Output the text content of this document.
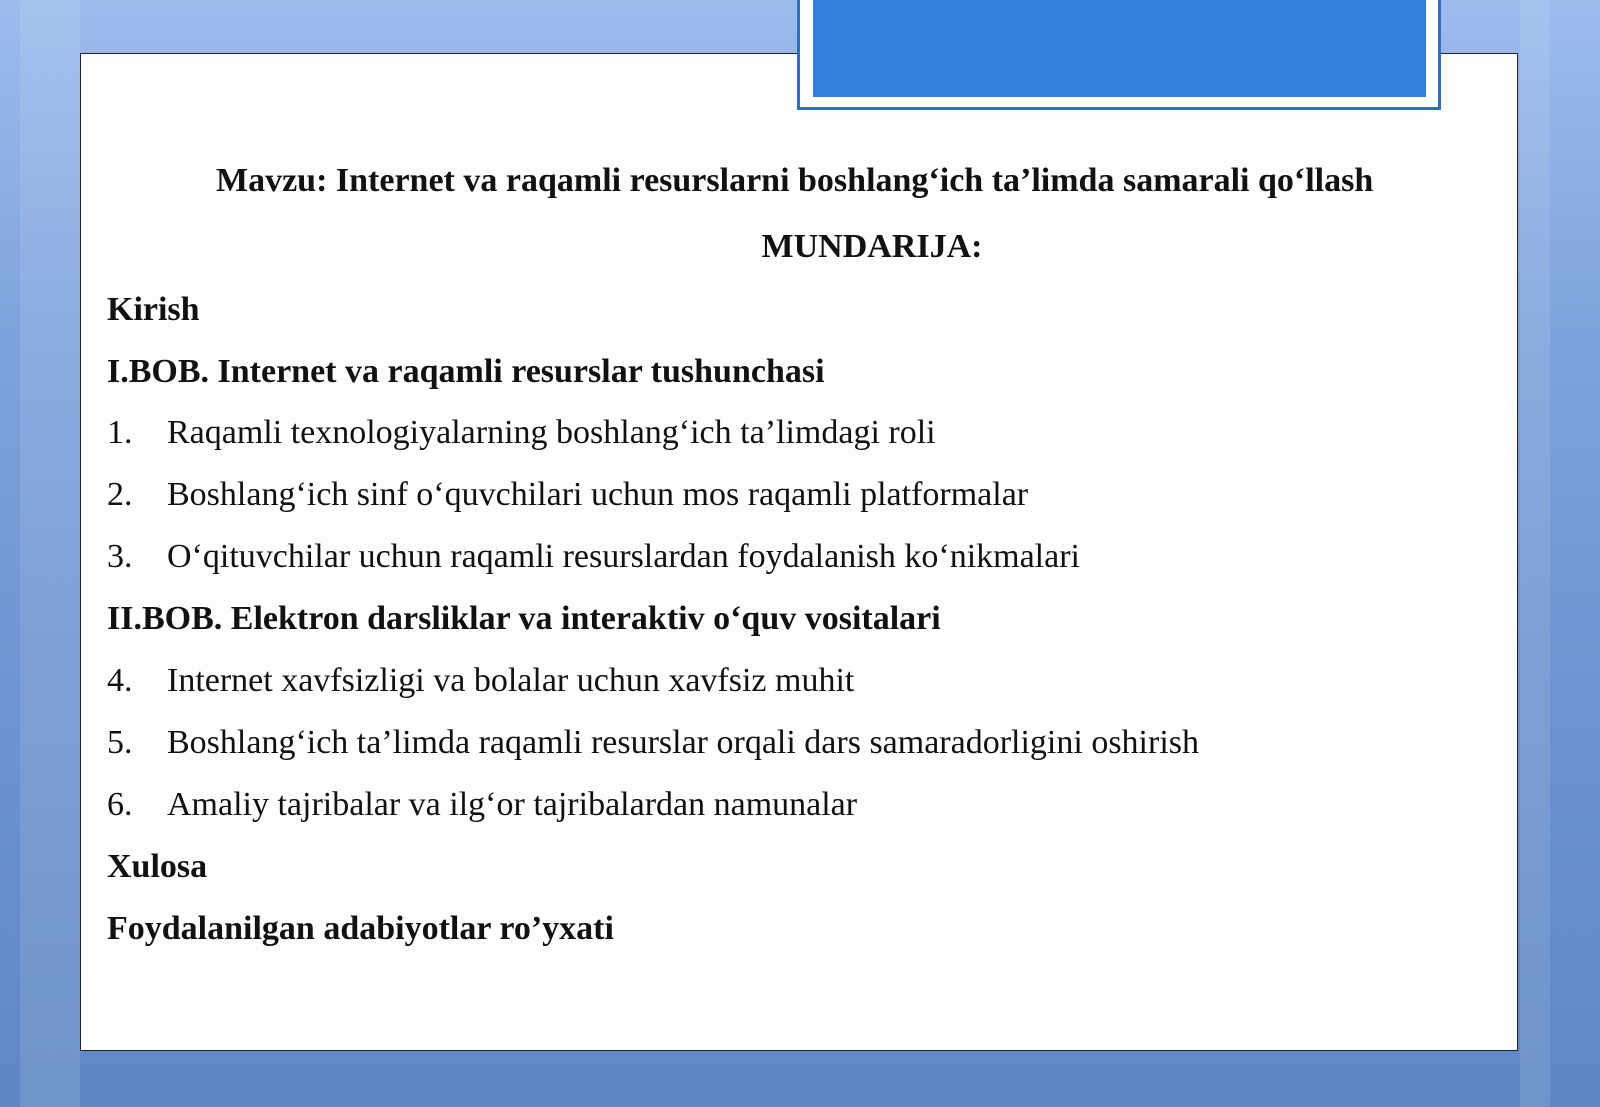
Mavzu: Internet va raqamli resurslarni boshlang‘ich ta’limda samarali qo‘llash
MUNDARIJA:
Kirish
I.BOB. Internet va raqamli resurslar tushunchasi
1. Raqamli texnologiyalarning boshlang‘ich ta’limdagi roli
2. Boshlang‘ich sinf o‘quvchilari uchun mos raqamli platformalar
3. O‘qituvchilar uchun raqamli resurslardan foydalanish ko‘nikmalari
II.BOB. Elektron darsliklar va interaktiv o‘quv vositalari
4. Internet xavfsizligi va bolalar uchun xavfsiz muhit
5. Boshlang‘ich ta’limda raqamli resurslar orqali dars samaradorligini oshirish
6. Amaliy tajribalar va ilg‘or tajribalardan namunalar
Xulosa
Foydalanilgan adabiyotlar ro’yxati
